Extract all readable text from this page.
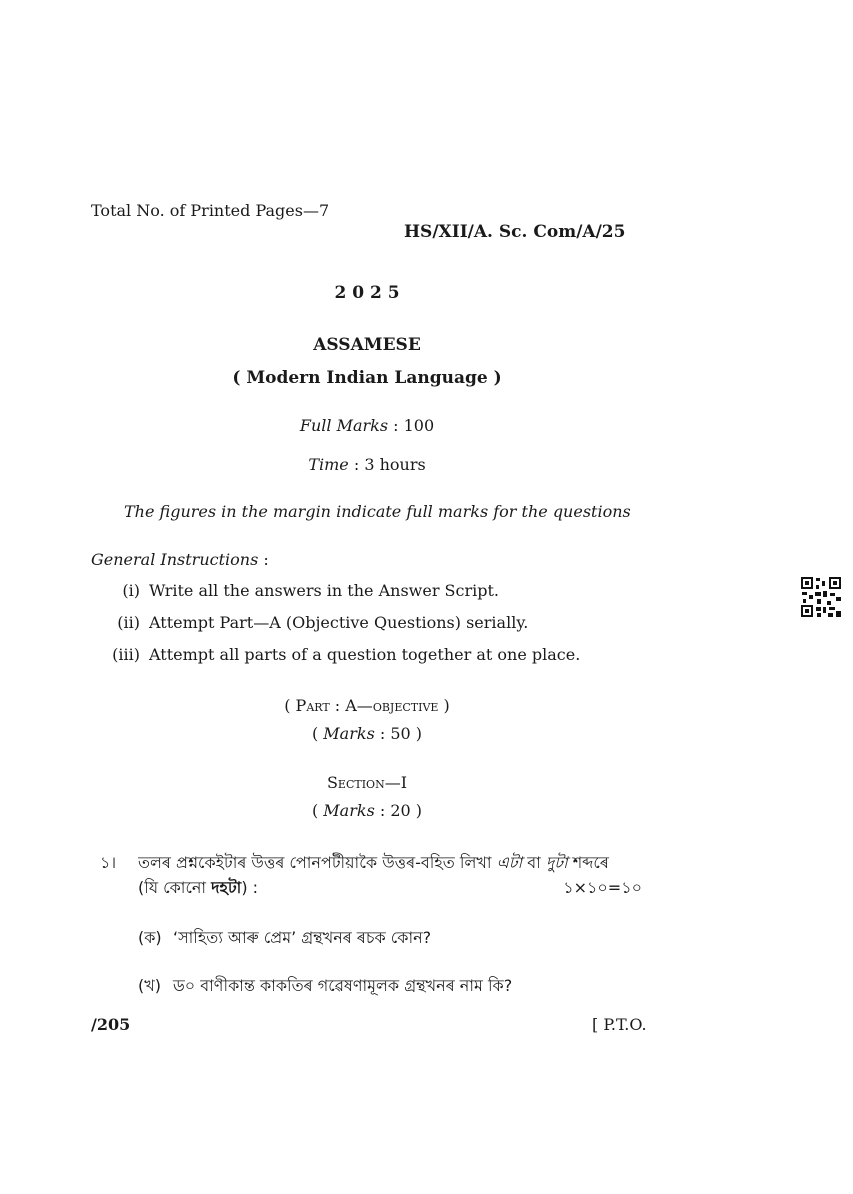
Total No. of Printed Pages—7
HS/XII/A. Sc. Com/A/25
2 0 2 5
ASSAMESE
( Modern Indian Language )
Full Marks : 100
Time : 3 hours
The figures in the margin indicate full marks for the questions
General Instructions :
(i) Write all the answers in the Answer Script.
(ii) Attempt Part—A (Objective Questions) serially.
(iii) Attempt all parts of a question together at one place.
( Part : A—objective )
( Marks : 50 )
Section—I
( Marks : 20 )
১। তলৰ প্ৰশ্নকেইটাৰ উত্তৰ পোনপটীয়াকৈ উত্তৰ-বহিত লিখা এটা বা দুটা শব্দৰে
(যি কোনো দহটা) :	১×১০=১০
(ক) ‘সাহিত্য আৰু প্ৰেম’ গ্ৰন্থখনৰ ৰচক কোন?
(খ) ড০ বাণীকান্ত কাকতিৰ গৱেষণামূলক গ্ৰন্থখনৰ নাম কি?
/205	[ P.T.O.
